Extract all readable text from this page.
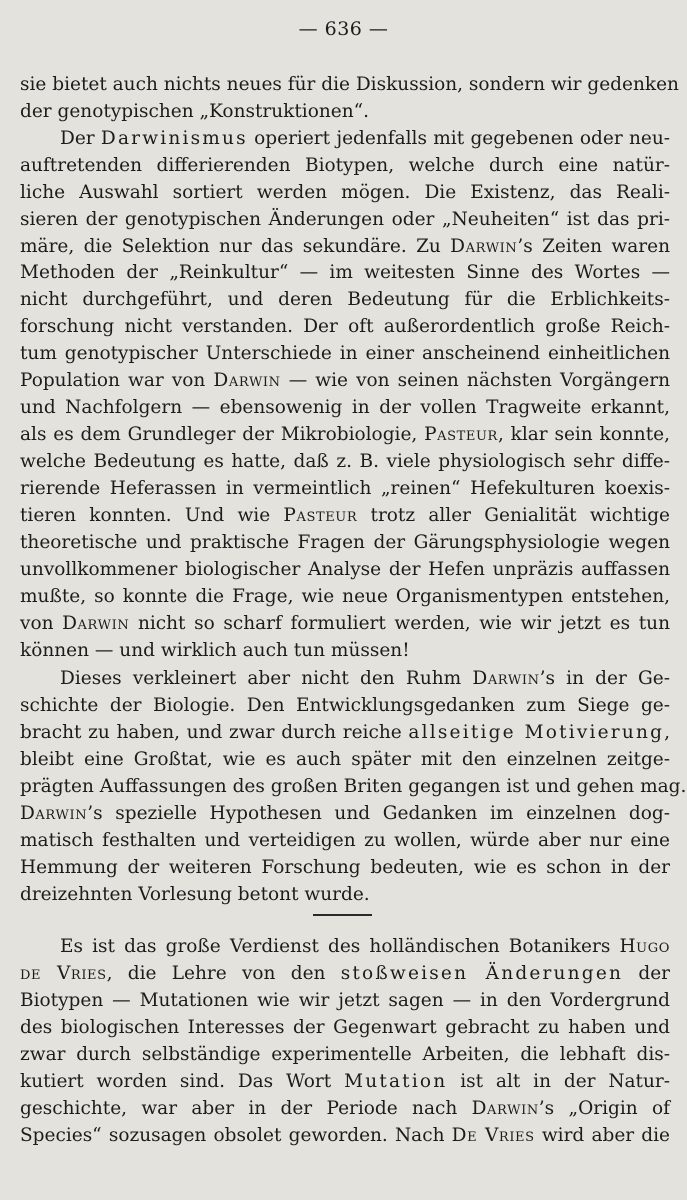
— 636 —
sie bietet auch nichts neues für die Diskussion, sondern wir gedenken
der genotypischen „Konstruktionen“.
Der Darwinismus operiert jedenfalls mit gegebenen oder neu-
auftretenden differierenden Biotypen, welche durch eine natür-
liche Auswahl sortiert werden mögen. Die Existenz, das Reali-
sieren der genotypischen Änderungen oder „Neuheiten“ ist das pri-
märe, die Selektion nur das sekundäre. Zu Darwin’s Zeiten waren
Methoden der „Reinkultur“ — im weitesten Sinne des Wortes —
nicht durchgeführt, und deren Bedeutung für die Erblichkeits-
forschung nicht verstanden. Der oft außerordentlich große Reich-
tum genotypischer Unterschiede in einer anscheinend einheitlichen
Population war von Darwin — wie von seinen nächsten Vorgängern
und Nachfolgern — ebensowenig in der vollen Tragweite erkannt,
als es dem Grundleger der Mikrobiologie, Pasteur, klar sein konnte,
welche Bedeutung es hatte, daß z. B. viele physiologisch sehr diffe-
rierende Heferassen in vermeintlich „reinen“ Hefekulturen koexis-
tieren konnten. Und wie Pasteur trotz aller Genialität wichtige
theoretische und praktische Fragen der Gärungsphysiologie wegen
unvollkommener biologischer Analyse der Hefen unpräzis auffassen
mußte, so konnte die Frage, wie neue Organismentypen entstehen,
von Darwin nicht so scharf formuliert werden, wie wir jetzt es tun
können — und wirklich auch tun müssen!
Dieses verkleinert aber nicht den Ruhm Darwin’s in der Ge-
schichte der Biologie. Den Entwicklungsgedanken zum Siege ge-
bracht zu haben, und zwar durch reiche allseitige Motivierung,
bleibt eine Großtat, wie es auch später mit den einzelnen zeitge-
prägten Auffassungen des großen Briten gegangen ist und gehen mag.
Darwin’s spezielle Hypothesen und Gedanken im einzelnen dog-
matisch festhalten und verteidigen zu wollen, würde aber nur eine
Hemmung der weiteren Forschung bedeuten, wie es schon in der
dreizehnten Vorlesung betont wurde.
Es ist das große Verdienst des holländischen Botanikers Hugo
de Vries, die Lehre von den stoßweisen Änderungen der
Biotypen — Mutationen wie wir jetzt sagen — in den Vordergrund
des biologischen Interesses der Gegenwart gebracht zu haben und
zwar durch selbständige experimentelle Arbeiten, die lebhaft dis-
kutiert worden sind. Das Wort Mutation ist alt in der Natur-
geschichte, war aber in der Periode nach Darwin’s „Origin of
Species“ sozusagen obsolet geworden. Nach De Vries wird aber die
